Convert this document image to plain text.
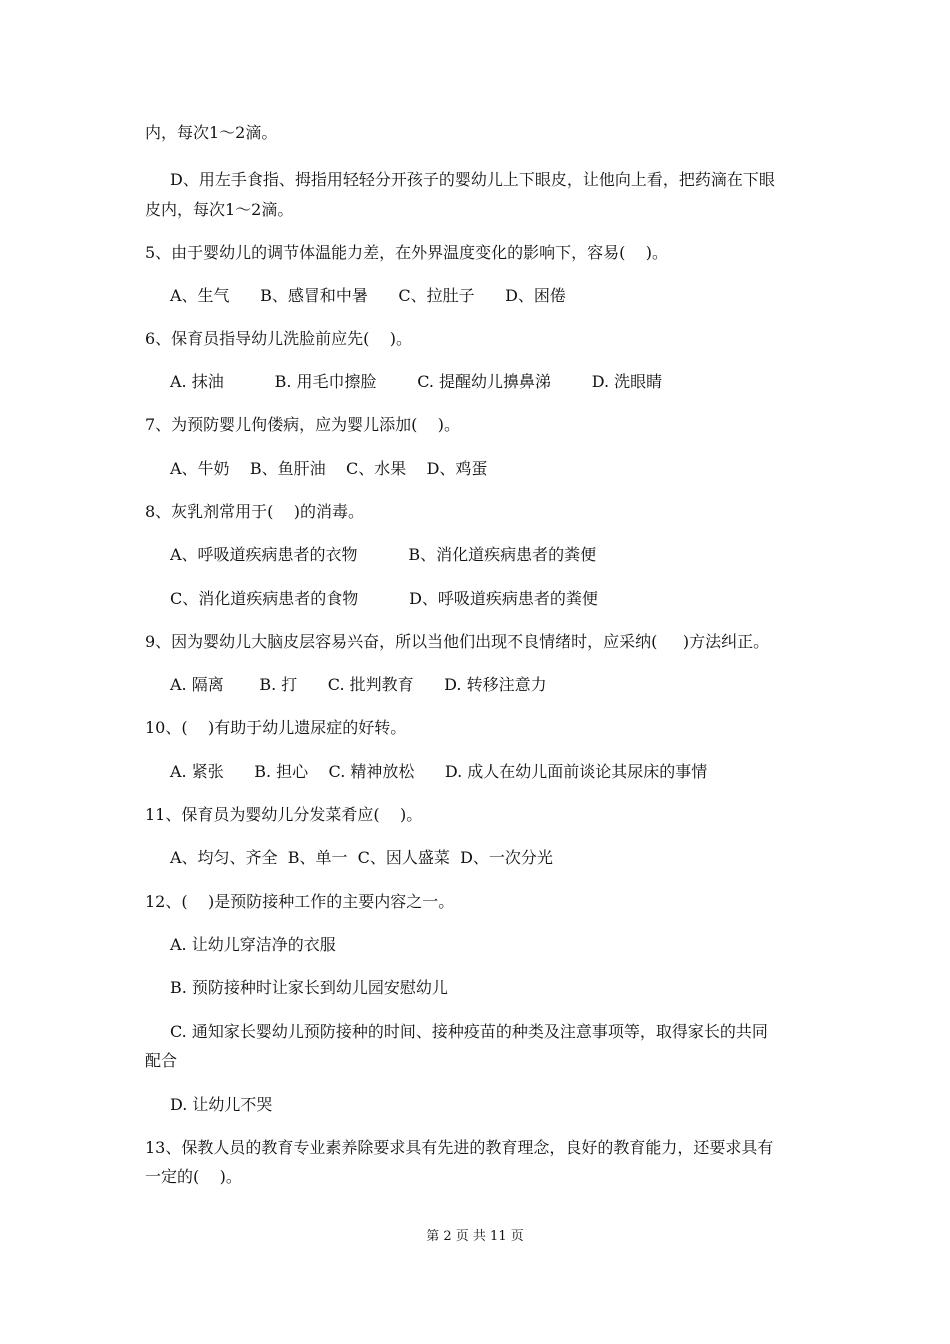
内，每次1～2滴。
D、用左手食指、拇指用轻轻分开孩子的婴幼儿上下眼皮，让他向上看，把药滴在下眼
皮内，每次1～2滴。
5、由于婴幼儿的调节体温能力差，在外界温度变化的影响下，容易(    )。
A、生气      B、感冒和中暑      C、拉肚子      D、困倦
6、保育员指导幼儿洗脸前应先(    )。
A. 抹油          B. 用毛巾擦脸        C. 提醒幼儿擤鼻涕        D. 洗眼睛
7、为预防婴儿佝偻病，应为婴儿添加(    )。
A、牛奶    B、鱼肝油    C、水果    D、鸡蛋
8、灰乳剂常用于(    )的消毒。
A、呼吸道疾病患者的衣物          B、消化道疾病患者的粪便
C、消化道疾病患者的食物          D、呼吸道疾病患者的粪便
9、因为婴幼儿大脑皮层容易兴奋，所以当他们出现不良情绪时，应采纳(     )方法纠正。
A. 隔离       B. 打      C. 批判教育      D. 转移注意力
10、(    )有助于幼儿遗尿症的好转。
A. 紧张      B. 担心    C. 精神放松      D. 成人在幼儿面前谈论其尿床的事情
11、保育员为婴幼儿分发菜肴应(    )。
A、均匀、齐全  B、单一  C、因人盛菜  D、一次分光
12、(    )是预防接种工作的主要内容之一。
A. 让幼儿穿洁净的衣服
B. 预防接种时让家长到幼儿园安慰幼儿
C. 通知家长婴幼儿预防接种的时间、接种疫苗的种类及注意事项等，取得家长的共同
配合
D. 让幼儿不哭
13、保教人员的教育专业素养除要求具有先进的教育理念，良好的教育能力，还要求具有
一定的(    )。
第 2 页 共 11 页
